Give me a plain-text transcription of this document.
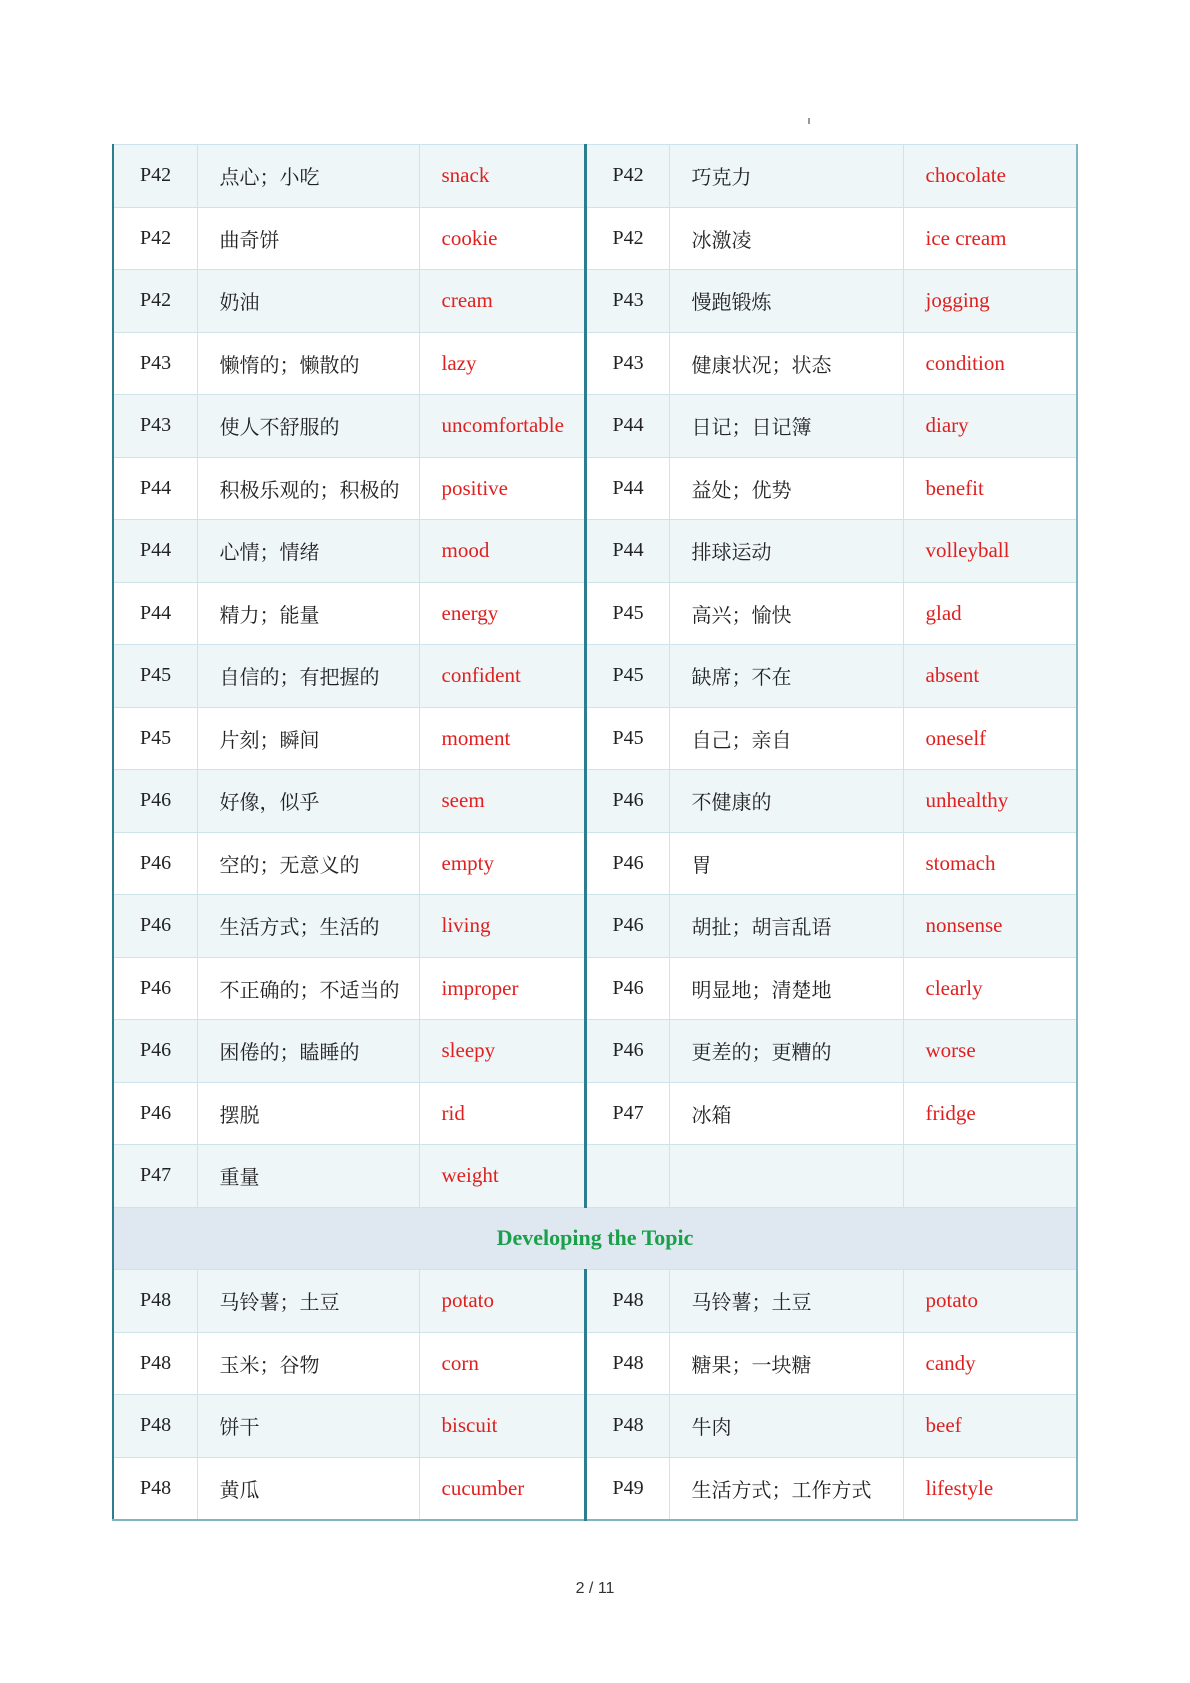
P42	点心；小吃	snack	P42	巧克力	chocolate
P42	曲奇饼	cookie	P42	冰激凌	ice cream
P42	奶油	cream	P43	慢跑锻炼	jogging
P43	懒惰的；懒散的	lazy	P43	健康状况；状态	condition
P43	使人不舒服的	uncomfortable	P44	日记；日记簿	diary
P44	积极乐观的；积极的	positive	P44	益处；优势	benefit
P44	心情；情绪	mood	P44	排球运动	volleyball
P44	精力；能量	energy	P45	高兴；愉快	glad
P45	自信的；有把握的	confident	P45	缺席；不在	absent
P45	片刻；瞬间	moment	P45	自己；亲自	oneself
P46	好像，似乎	seem	P46	不健康的	unhealthy
P46	空的；无意义的	empty	P46	胃	stomach
P46	生活方式；生活的	living	P46	胡扯；胡言乱语	nonsense
P46	不正确的；不适当的	improper	P46	明显地；清楚地	clearly
P46	困倦的；瞌睡的	sleepy	P46	更差的；更糟的	worse
P46	摆脱	rid	P47	冰箱	fridge
P47	重量	weight			
Developing the Topic					
P48	马铃薯；土豆	potato	P48	马铃薯；土豆	potato
P48	玉米；谷物	corn	P48	糖果；一块糖	candy
P48	饼干	biscuit	P48	牛肉	beef
P48	黄瓜	cucumber	P49	生活方式；工作方式	lifestyle
2 / 11
